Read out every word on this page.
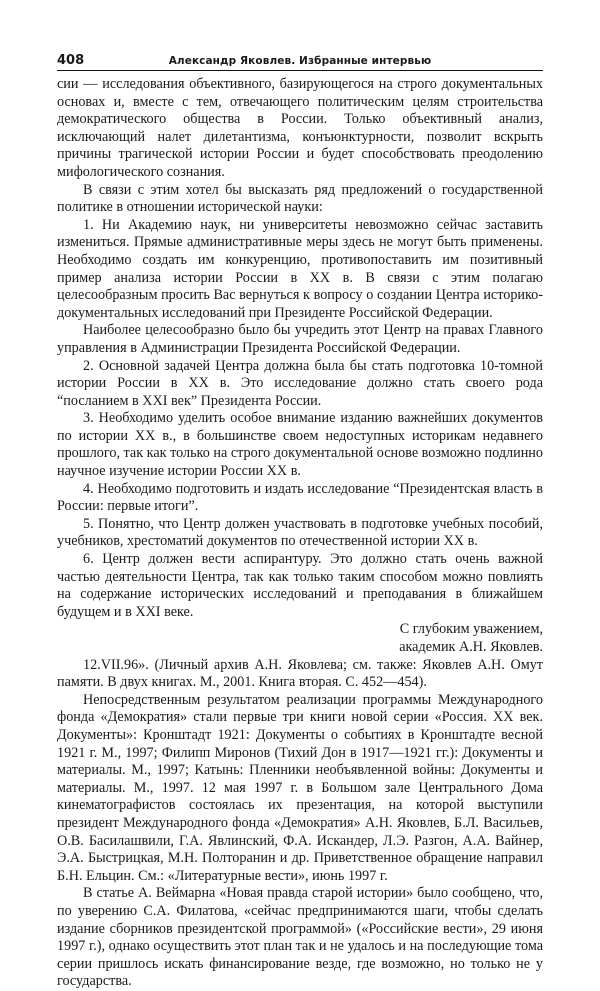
408	Александр Яковлев. Избранные интервью

сии — исследования объективного, базирующегося на строго документальных основах и, вместе с тем, отвечающего политическим целям строительства демократического общества в России. Только объективный анализ, исключающий налет дилетантизма, конъюнктурности, позволит вскрыть причины трагической истории России и будет способствовать преодолению мифологического сознания.

В связи с этим хотел бы высказать ряд предложений о государственной политике в отношении исторической науки:

1. Ни Академию наук, ни университеты невозможно сейчас заставить измениться. Прямые административные меры здесь не могут быть применены. Необходимо создать им конкуренцию, противопоставить им позитивный пример анализа истории России в XX в. В связи с этим полагаю целесообразным просить Вас вернуться к вопросу о создании Центра историко-документальных исследований при Президенте Российской Федерации.

Наиболее целесообразно было бы учредить этот Центр на правах Главного управления в Администрации Президента Российской Федерации.

2. Основной задачей Центра должна была бы стать подготовка 10-томной истории России в XX в. Это исследование должно стать своего рода “посланием в XXI век” Президента России.

3. Необходимо уделить особое внимание изданию важнейших документов по истории XX в., в большинстве своем недоступных историкам недавнего прошлого, так как только на строго документальной основе возможно подлинно научное изучение истории России XX в.

4. Необходимо подготовить и издать исследование “Президентская власть в России: первые итоги”.

5. Понятно, что Центр должен участвовать в подготовке учебных пособий, учебников, хрестоматий документов по отечественной истории XX в.

6. Центр должен вести аспирантуру. Это должно стать очень важной частью деятельности Центра, так как только таким способом можно повлиять на содержание исторических исследований и преподавания в ближайшем будущем и в XXI веке.

С глубоким уважением,

академик А.Н. Яковлев.

12.VII.96». (Личный архив А.Н. Яковлева; см. также: Яковлев А.Н. Омут памяти. В двух книгах. М., 2001. Книга вторая. С. 452—454).

Непосредственным результатом реализации программы Международного фонда «Демократия» стали первые три книги новой серии «Россия. XX век. Документы»: Кронштадт 1921: Документы о событиях в Кронштадте весной 1921 г. М., 1997; Филипп Миронов (Тихий Дон в 1917—1921 гг.): Документы и материалы. М., 1997; Катынь: Пленники необъявленной войны: Документы и материалы. М., 1997. 12 мая 1997 г. в Большом зале Центрального Дома кинематографистов состоялась их презентация, на которой выступили президент Международного фонда «Демократия» А.Н. Яковлев, Б.Л. Васильев, О.В. Басилашвили, Г.А. Явлинский, Ф.А. Искандер, Л.Э. Разгон, А.А. Вайнер, Э.А. Быстрицкая, М.Н. Полторанин и др. Приветственное обращение направил Б.Н. Ельцин. См.: «Литературные вести», июнь 1997 г.

В статье А. Веймарна «Новая правда старой истории» было сообщено, что, по уверению С.А. Филатова, «сейчас предпринимаются шаги, чтобы сделать издание сборников президентской программой» («Российские вести», 29 июня 1997 г.), однако осуществить этот план так и не удалось и на последующие тома серии пришлось искать финансирование везде, где возможно, но только не у государства.
